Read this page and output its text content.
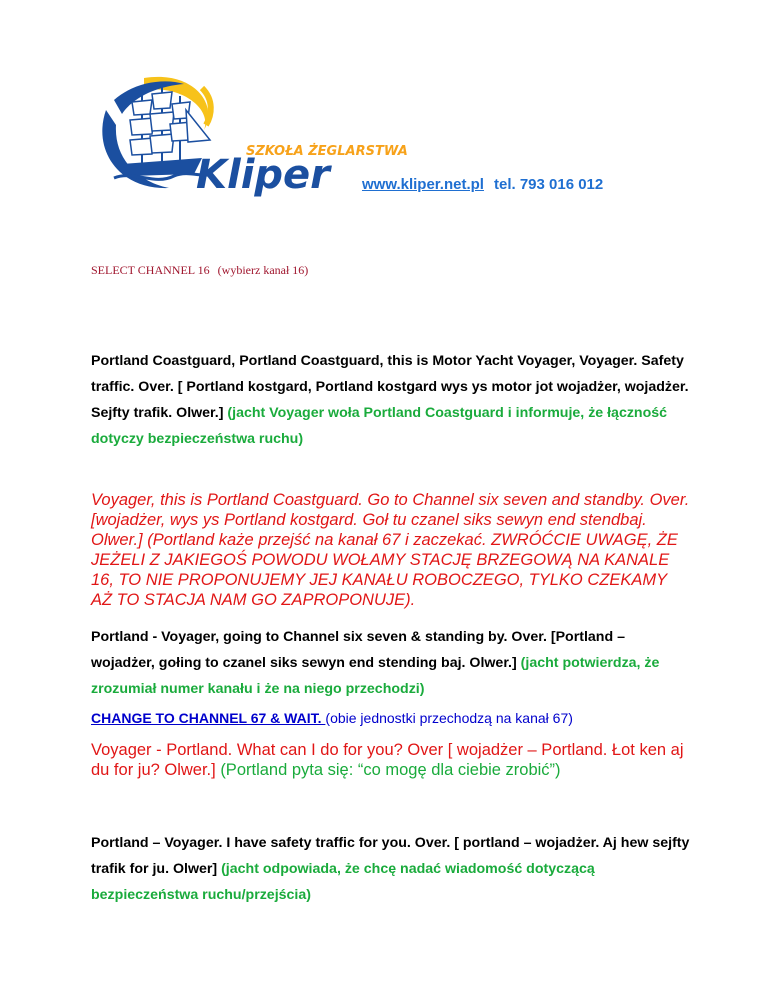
SZKOŁA ŻEGLARSTWA
Kliper www.kliper.net.pl tel. 793 016 012
SELECT CHANNEL 16 (wybierz kanał 16)
Portland Coastguard, Portland Coastguard, this is Motor Yacht Voyager, Voyager. Safety traffic. Over. [ Portland kostgard, Portland kostgard wys ys motor jot wojadżer, wojadżer. Sejfty trafik. Olwer.] (jacht Voyager woła Portland Coastguard i informuje, że łączność dotyczy bezpieczeństwa ruchu)
Voyager, this is Portland Coastguard. Go to Channel six seven and standby. Over. [wojadżer, wys ys Portland kostgard. Goł tu czanel siks sewyn end stendbaj. Olwer.] (Portland każe przejść na kanał 67 i zaczekać. ZWRÓĆCIE UWAGĘ, ŻE JEŻELI Z JAKIEGOŚ POWODU WOŁAMY STACJĘ BRZEGOWĄ NA KANALE 16, TO NIE PROPONUJEMY JEJ KANAŁU ROBOCZEGO, TYLKO CZEKAMY AŻ TO STACJA NAM GO ZAPROPONUJE).
Portland - Voyager, going to Channel six seven & standing by. Over. [Portland – wojadżer, gołing to czanel siks sewyn end stending baj. Olwer.] (jacht potwierdza, że zrozumiał numer kanału i że na niego przechodzi)
CHANGE TO CHANNEL 67 & WAIT. (obie jednostki przechodzą na kanał 67)
Voyager - Portland. What can I do for you? Over [ wojadżer – Portland. Łot ken aj du for ju? Olwer.] (Portland pyta się: “co mogę dla ciebie zrobić”)
Portland – Voyager. I have safety traffic for you. Over. [ portland – wojadżer. Aj hew sejfty trafik for ju. Olwer] (jacht odpowiada, że chcę nadać wiadomość dotyczącą bezpieczeństwa ruchu/przejścia)
